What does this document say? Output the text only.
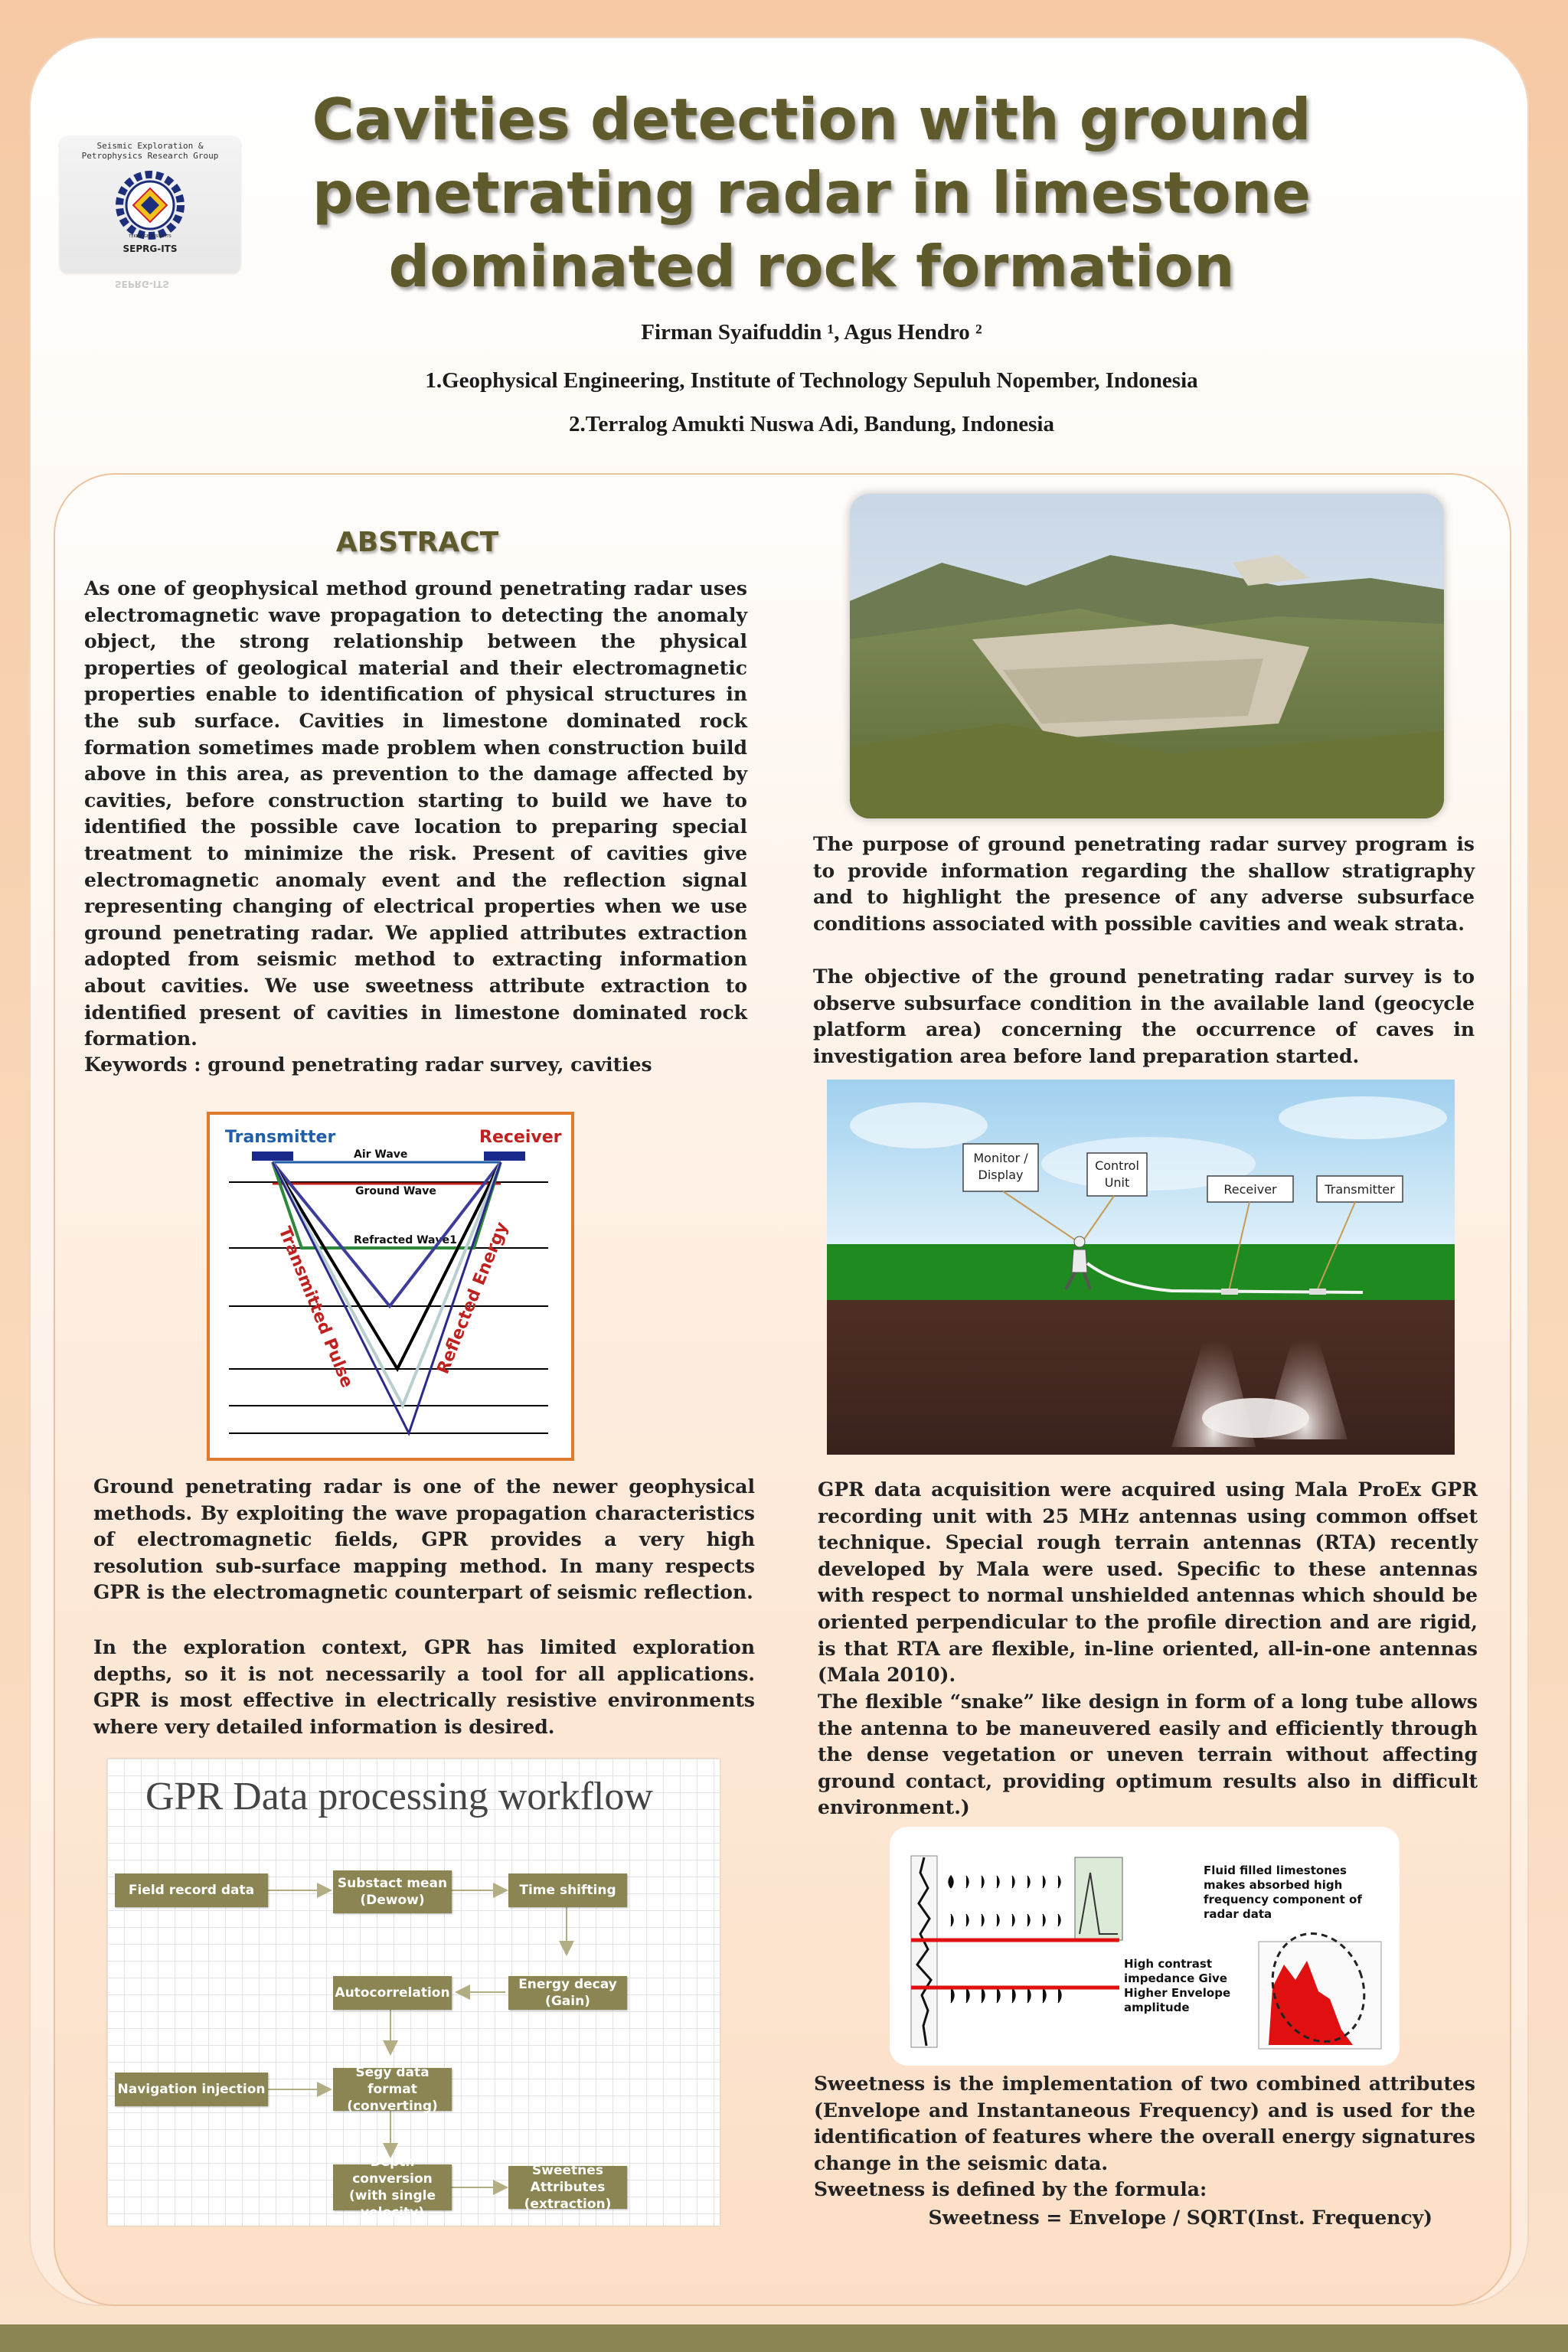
Seismic Exploration & Petrophysics Research Group
TEKNIK GEOFISIKA ITS
SEPRG-ITS
SEPRG-ITS
Cavities detection with ground
penetrating radar in limestone
dominated rock formation
Firman Syaifuddin ¹, Agus Hendro ²
1.Geophysical Engineering, Institute of Technology Sepuluh Nopember, Indonesia
2.Terralog Amukti Nuswa Adi, Bandung, Indonesia
ABSTRACT
As one of geophysical method ground penetrating radar uses electromagnetic wave propagation to detecting the anomaly object, the strong relationship between the physical properties of geological material and their electromagnetic properties enable to identification of physical structures in the sub surface. Cavities in limestone dominated rock formation sometimes made problem when construction build above in this area, as prevention to the damage affected by cavities, before construction starting to build we have to identified the possible cave location to preparing special treatment to minimize the risk. Present of cavities give electromagnetic anomaly event and the reflection signal representing changing of electrical properties when we use ground penetrating radar. We applied attributes extraction adopted from seismic method to extracting information about cavities. We use sweetness attribute extraction to identified present of cavities in limestone dominated rock formation.
Keywords : ground penetrating radar survey, cavities
The purpose of ground penetrating radar survey program is to provide information regarding the shallow stratigraphy and to highlight the presence of any adverse subsurface conditions associated with possible cavities and weak strata.
The objective of the ground penetrating radar survey is to observe subsurface condition in the available land (geocycle platform area) concerning the occurrence of caves in investigation area before land preparation started.
Transmitter	Receiver
Air Wave
Ground Wave
Refracted Wave1
Transmitted Pulse	Reflected Energy
Monitor /
Display
Control
Unit	Receiver	Transmitter
Ground penetrating radar is one of the newer geophysical methods. By exploiting the wave propagation characteristics of electromagnetic fields, GPR provides a very high resolution sub-surface mapping method. In many respects GPR is the electromagnetic counterpart of seismic reflection.
In the exploration context, GPR has limited exploration depths, so it is not necessarily a tool for all applications. GPR is most effective in electrically resistive environments where very detailed information is desired.
GPR data acquisition were acquired using Mala ProEx GPR recording unit with 25 MHz antennas using common offset technique. Special rough terrain antennas (RTA) recently developed by Mala were used. Specific to these antennas with respect to normal unshielded antennas which should be oriented perpendicular to the profile direction and are rigid, is that RTA are flexible, in-line oriented, all-in-one antennas (Mala 2010).
The flexible “snake” like design in form of a long tube allows the antenna to be maneuvered easily and efficiently through the dense vegetation or uneven terrain without affecting ground contact, providing optimum results also in difficult environment.)
GPR Data processing workflow
Field record data	Substact mean (Dewow)
Time shifting
Autocorrelation
Energy decay (Gain)
Navigation injection
Segy data format (converting)
Depth conversion (with single velocity)
Sweetnes Attributes (extraction)
Fluid filled limestones makes absorbed high frequency component of radar data
High contrast impedance Give Higher Envelope amplitude
Sweetness is the implementation of two combined attributes (Envelope and Instantaneous Frequency) and is used for the identification of features where the overall energy signatures change in the seismic data.
Sweetness is defined by the formula:
Sweetness = Envelope / SQRT(Inst. Frequency)
